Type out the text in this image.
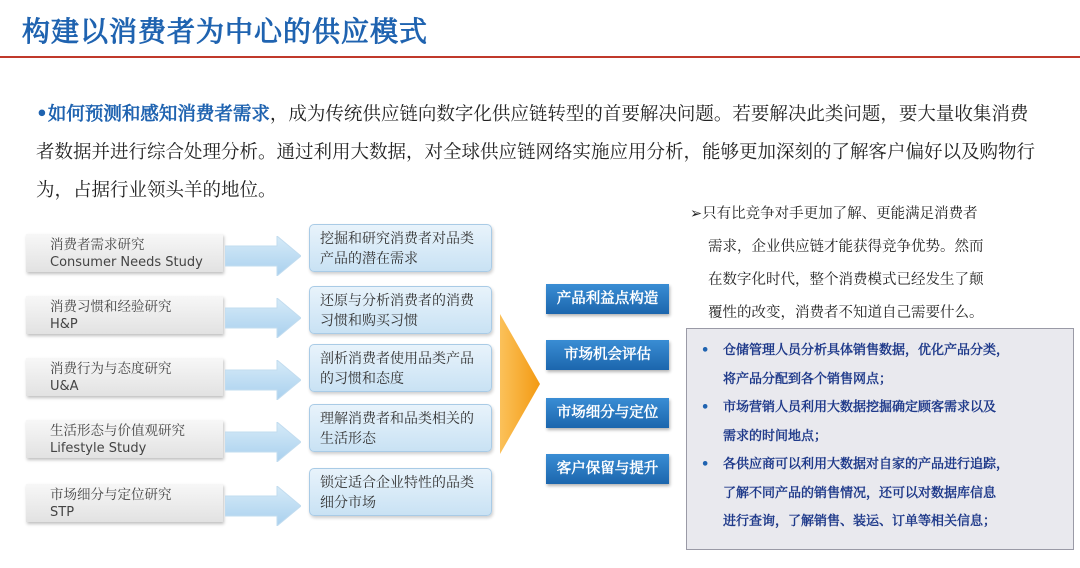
构建以消费者为中心的供应模式
•如何预测和感知消费者需求，成为传统供应链向数字化供应链转型的首要解决问题。若要解决此类问题，要大量收集消费者数据并进行综合处理分析。通过利用大数据，对全球供应链网络实施应用分析，能够更加深刻的了解客户偏好以及购物行为，占据行业领头羊的地位。
消费者需求研究
Consumer Needs Study
消费习惯和经验研究
H&P
消费行为与态度研究
U&A
生活形态与价值观研究
Lifestyle Study
市场细分与定位研究
STP
挖掘和研究消费者对品类产品的潜在需求
还原与分析消费者的消费习惯和购买习惯
剖析消费者使用品类产品的习惯和态度
理解消费者和品类相关的生活形态
锁定适合企业特性的品类细分市场
产品利益点构造
市场机会评估
市场细分与定位
客户保留与提升
➢只有比竞争对手更加了解、更能满足消费者
需求，企业供应链才能获得竞争优势。然而
在数字化时代，整个消费模式已经发生了颠
覆性的改变，消费者不知道自己需要什么。
• 仓储管理人员分析具体销售数据，优化产品分类，
将产品分配到各个销售网点；
• 市场营销人员利用大数据挖掘确定顾客需求以及
需求的时间地点；
• 各供应商可以利用大数据对自家的产品进行追踪，
了解不同产品的销售情况，还可以对数据库信息
进行查询，了解销售、装运、订单等相关信息；
